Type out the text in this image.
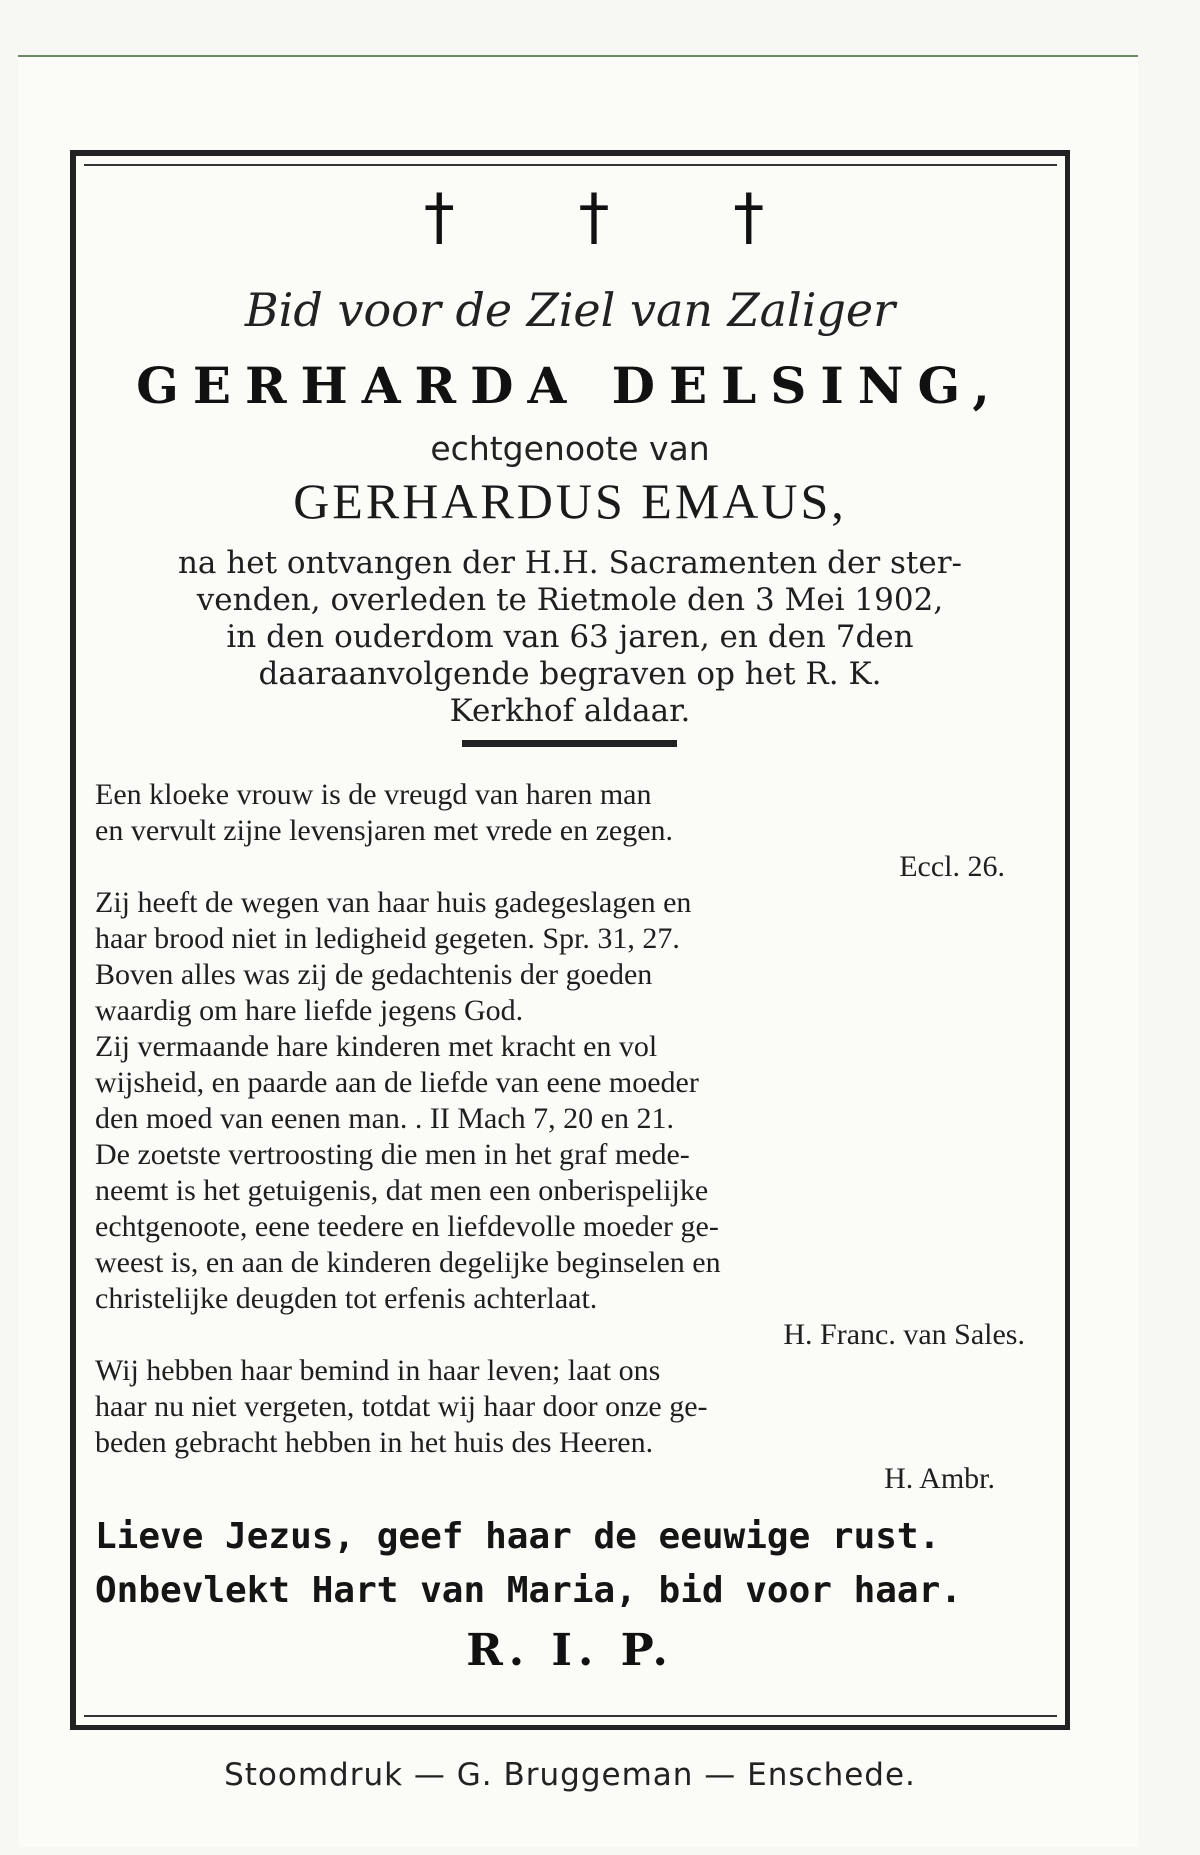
† † †
Bid voor de Ziel van Zaliger
GERHARDA DELSING,
echtgenoote van
GERHARDUS EMAUS,
na het ontvangen der H.H. Sacramenten der ster-
venden, overleden te Rietmole den 3 Mei 1902,
in den ouderdom van 63 jaren, en den 7den
daaraanvolgende begraven op het R. K.
Kerkhof aldaar.
Een kloeke vrouw is de vreugd van haren man
en vervult zijne levensjaren met vrede en zegen.
Eccl. 26.
Zij heeft de wegen van haar huis gadegeslagen en
haar brood niet in ledigheid gegeten. Spr. 31, 27.
Boven alles was zij de gedachtenis der goeden
waardig om hare liefde jegens God.
Zij vermaande hare kinderen met kracht en vol
wijsheid, en paarde aan de liefde van eene moeder
den moed van eenen man. . II Mach 7, 20 en 21.
De zoetste vertroosting die men in het graf mede-
neemt is het getuigenis, dat men een onberispelijke
echtgenoote, eene teedere en liefdevolle moeder ge-
weest is, en aan de kinderen degelijke beginselen en
christelijke deugden tot erfenis achterlaat.
H. Franc. van Sales.
Wij hebben haar bemind in haar leven; laat ons
haar nu niet vergeten, totdat wij haar door onze ge-
beden gebracht hebben in het huis des Heeren.
H. Ambr.
Lieve Jezus, geef haar de eeuwige rust.
Onbevlekt Hart van Maria, bid voor haar.
R. I. P.
Stoomdruk — G. Bruggeman — Enschede.
